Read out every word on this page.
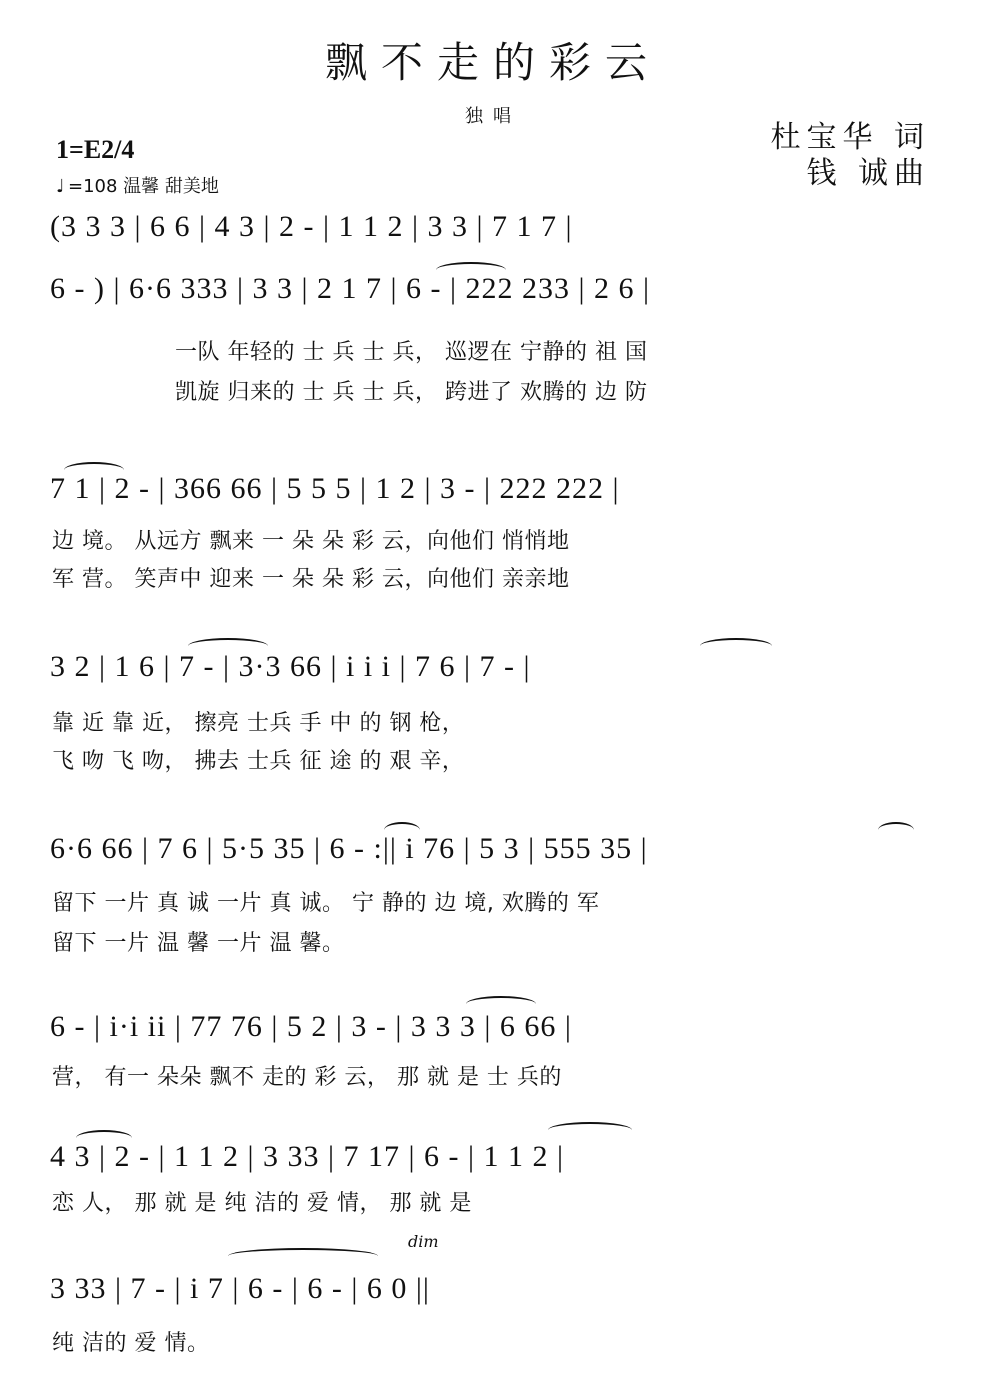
飘不走的彩云
独唱
杜宝华 词
钱 诚曲
1=E2/4
♩ =108 温馨 甜美地
(3 3 3 | 6 6 | 4 3 | 2 - | 1 1 2 | 3 3 | 7 1 7 |
6 - ) | 6·6 333 | 3 3 | 2 1 7 | 6 - | 222 233 | 2 6 |
一队 年轻的 士 兵 士 兵， 巡逻在 宁静的 祖 国
凯旋 归来的 士 兵 士 兵， 跨进了 欢腾的 边 防
7 1 | 2 - | 366 66 | 5 5 5 | 1 2 | 3 - | 222 222 |
边 境。 从远方 飘来 一 朵 朵 彩 云，向他们 悄悄地
军 营。 笑声中 迎来 一 朵 朵 彩 云，向他们 亲亲地
3 2 | 1 6 | 7 - | 3·3 66 | i i i | 7 6 | 7 - |
靠 近 靠 近， 擦亮 士兵 手 中 的 钢 枪，
飞 吻 飞 吻， 拂去 士兵 征 途 的 艰 辛，
6·6 66 | 7 6 | 5·5 35 | 6 - :|| i 76 | 5 3 | 555 35 |
留下 一片 真 诚 一片 真 诚。 宁 静的 边 境, 欢腾的 军
留下 一片 温 馨 一片 温 馨。
6 - | i·i ii | 77 76 | 5 2 | 3 - | 3 3 3 | 6 66 |
营， 有一 朵朵 飘不 走的 彩 云， 那 就 是 士 兵的
4 3 | 2 - | 1 1 2 | 3 33 | 7 17 | 6 - | 1 1 2 |
恋 人， 那 就 是 纯 洁的 爱 情， 那 就 是
dim
3 33 | 7 - | i 7 | 6 - | 6 - | 6 0 ||
纯 洁的 爱 情。
